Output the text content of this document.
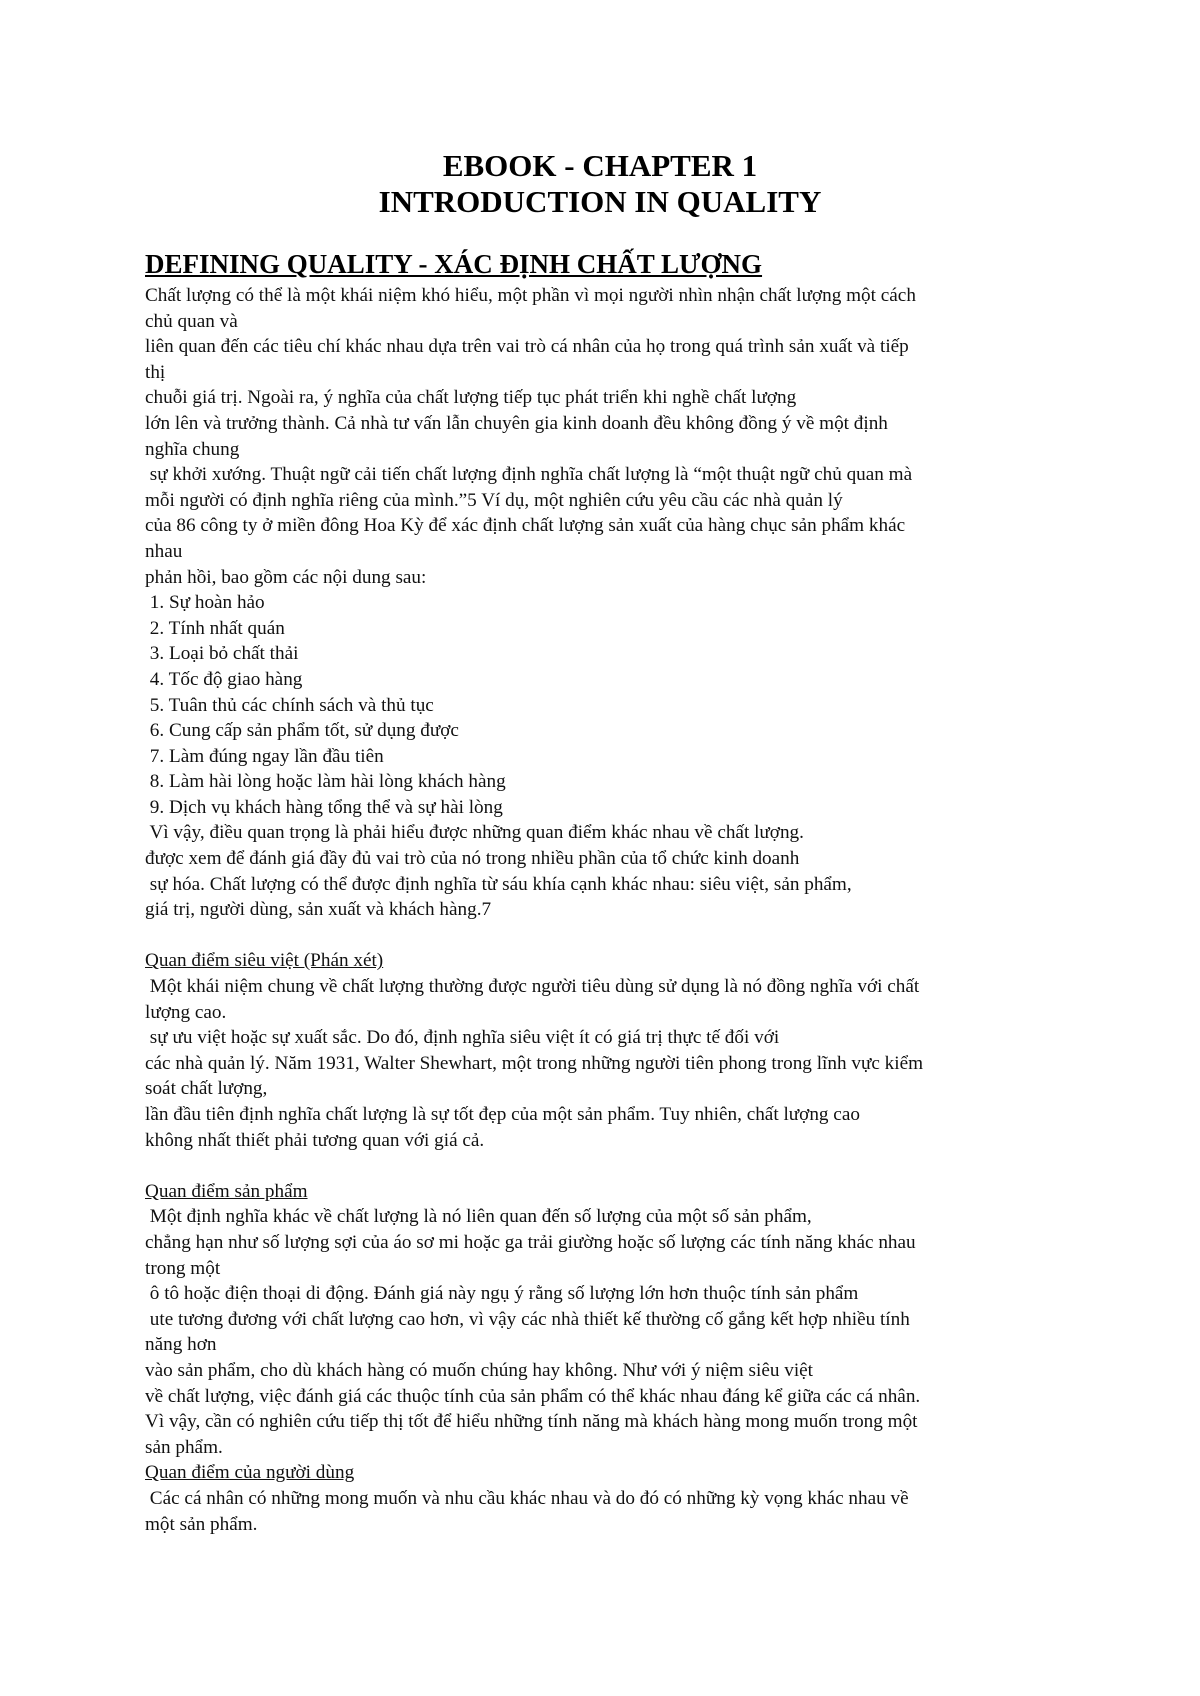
EBOOK - CHAPTER 1
INTRODUCTION IN QUALITY
DEFINING QUALITY - XÁC ĐỊNH CHẤT LƯỢNG
Chất lượng có thể là một khái niệm khó hiểu, một phần vì mọi người nhìn nhận chất lượng một cách
chủ quan và
liên quan đến các tiêu chí khác nhau dựa trên vai trò cá nhân của họ trong quá trình sản xuất và tiếp
thị
chuỗi giá trị. Ngoài ra, ý nghĩa của chất lượng tiếp tục phát triển khi nghề chất lượng
lớn lên và trưởng thành. Cả nhà tư vấn lẫn chuyên gia kinh doanh đều không đồng ý về một định
nghĩa chung
sự khởi xướng. Thuật ngữ cải tiến chất lượng định nghĩa chất lượng là “một thuật ngữ chủ quan mà
mỗi người có định nghĩa riêng của mình.”5 Ví dụ, một nghiên cứu yêu cầu các nhà quản lý
của 86 công ty ở miền đông Hoa Kỳ để xác định chất lượng sản xuất của hàng chục sản phẩm khác
nhau
phản hồi, bao gồm các nội dung sau:
1. Sự hoàn hảo
2. Tính nhất quán
3. Loại bỏ chất thải
4. Tốc độ giao hàng
5. Tuân thủ các chính sách và thủ tục
6. Cung cấp sản phẩm tốt, sử dụng được
7. Làm đúng ngay lần đầu tiên
8. Làm hài lòng hoặc làm hài lòng khách hàng
9. Dịch vụ khách hàng tổng thể và sự hài lòng
Vì vậy, điều quan trọng là phải hiểu được những quan điểm khác nhau về chất lượng.
được xem để đánh giá đầy đủ vai trò của nó trong nhiều phần của tổ chức kinh doanh
sự hóa. Chất lượng có thể được định nghĩa từ sáu khía cạnh khác nhau: siêu việt, sản phẩm,
giá trị, người dùng, sản xuất và khách hàng.7
Quan điểm siêu việt (Phán xét)
Một khái niệm chung về chất lượng thường được người tiêu dùng sử dụng là nó đồng nghĩa với chất
lượng cao.
sự ưu việt hoặc sự xuất sắc. Do đó, định nghĩa siêu việt ít có giá trị thực tế đối với
các nhà quản lý. Năm 1931, Walter Shewhart, một trong những người tiên phong trong lĩnh vực kiểm
soát chất lượng,
lần đầu tiên định nghĩa chất lượng là sự tốt đẹp của một sản phẩm. Tuy nhiên, chất lượng cao
không nhất thiết phải tương quan với giá cả.
Quan điểm sản phẩm
Một định nghĩa khác về chất lượng là nó liên quan đến số lượng của một số sản phẩm,
chẳng hạn như số lượng sợi của áo sơ mi hoặc ga trải giường hoặc số lượng các tính năng khác nhau
trong một
ô tô hoặc điện thoại di động. Đánh giá này ngụ ý rằng số lượng lớn hơn thuộc tính sản phẩm
ute tương đương với chất lượng cao hơn, vì vậy các nhà thiết kế thường cố gắng kết hợp nhiều tính
năng hơn
vào sản phẩm, cho dù khách hàng có muốn chúng hay không. Như với ý niệm siêu việt
về chất lượng, việc đánh giá các thuộc tính của sản phẩm có thể khác nhau đáng kể giữa các cá nhân.
Vì vậy, cần có nghiên cứu tiếp thị tốt để hiểu những tính năng mà khách hàng mong muốn trong một
sản phẩm.
Quan điểm của người dùng
Các cá nhân có những mong muốn và nhu cầu khác nhau và do đó có những kỳ vọng khác nhau về
một sản phẩm.
